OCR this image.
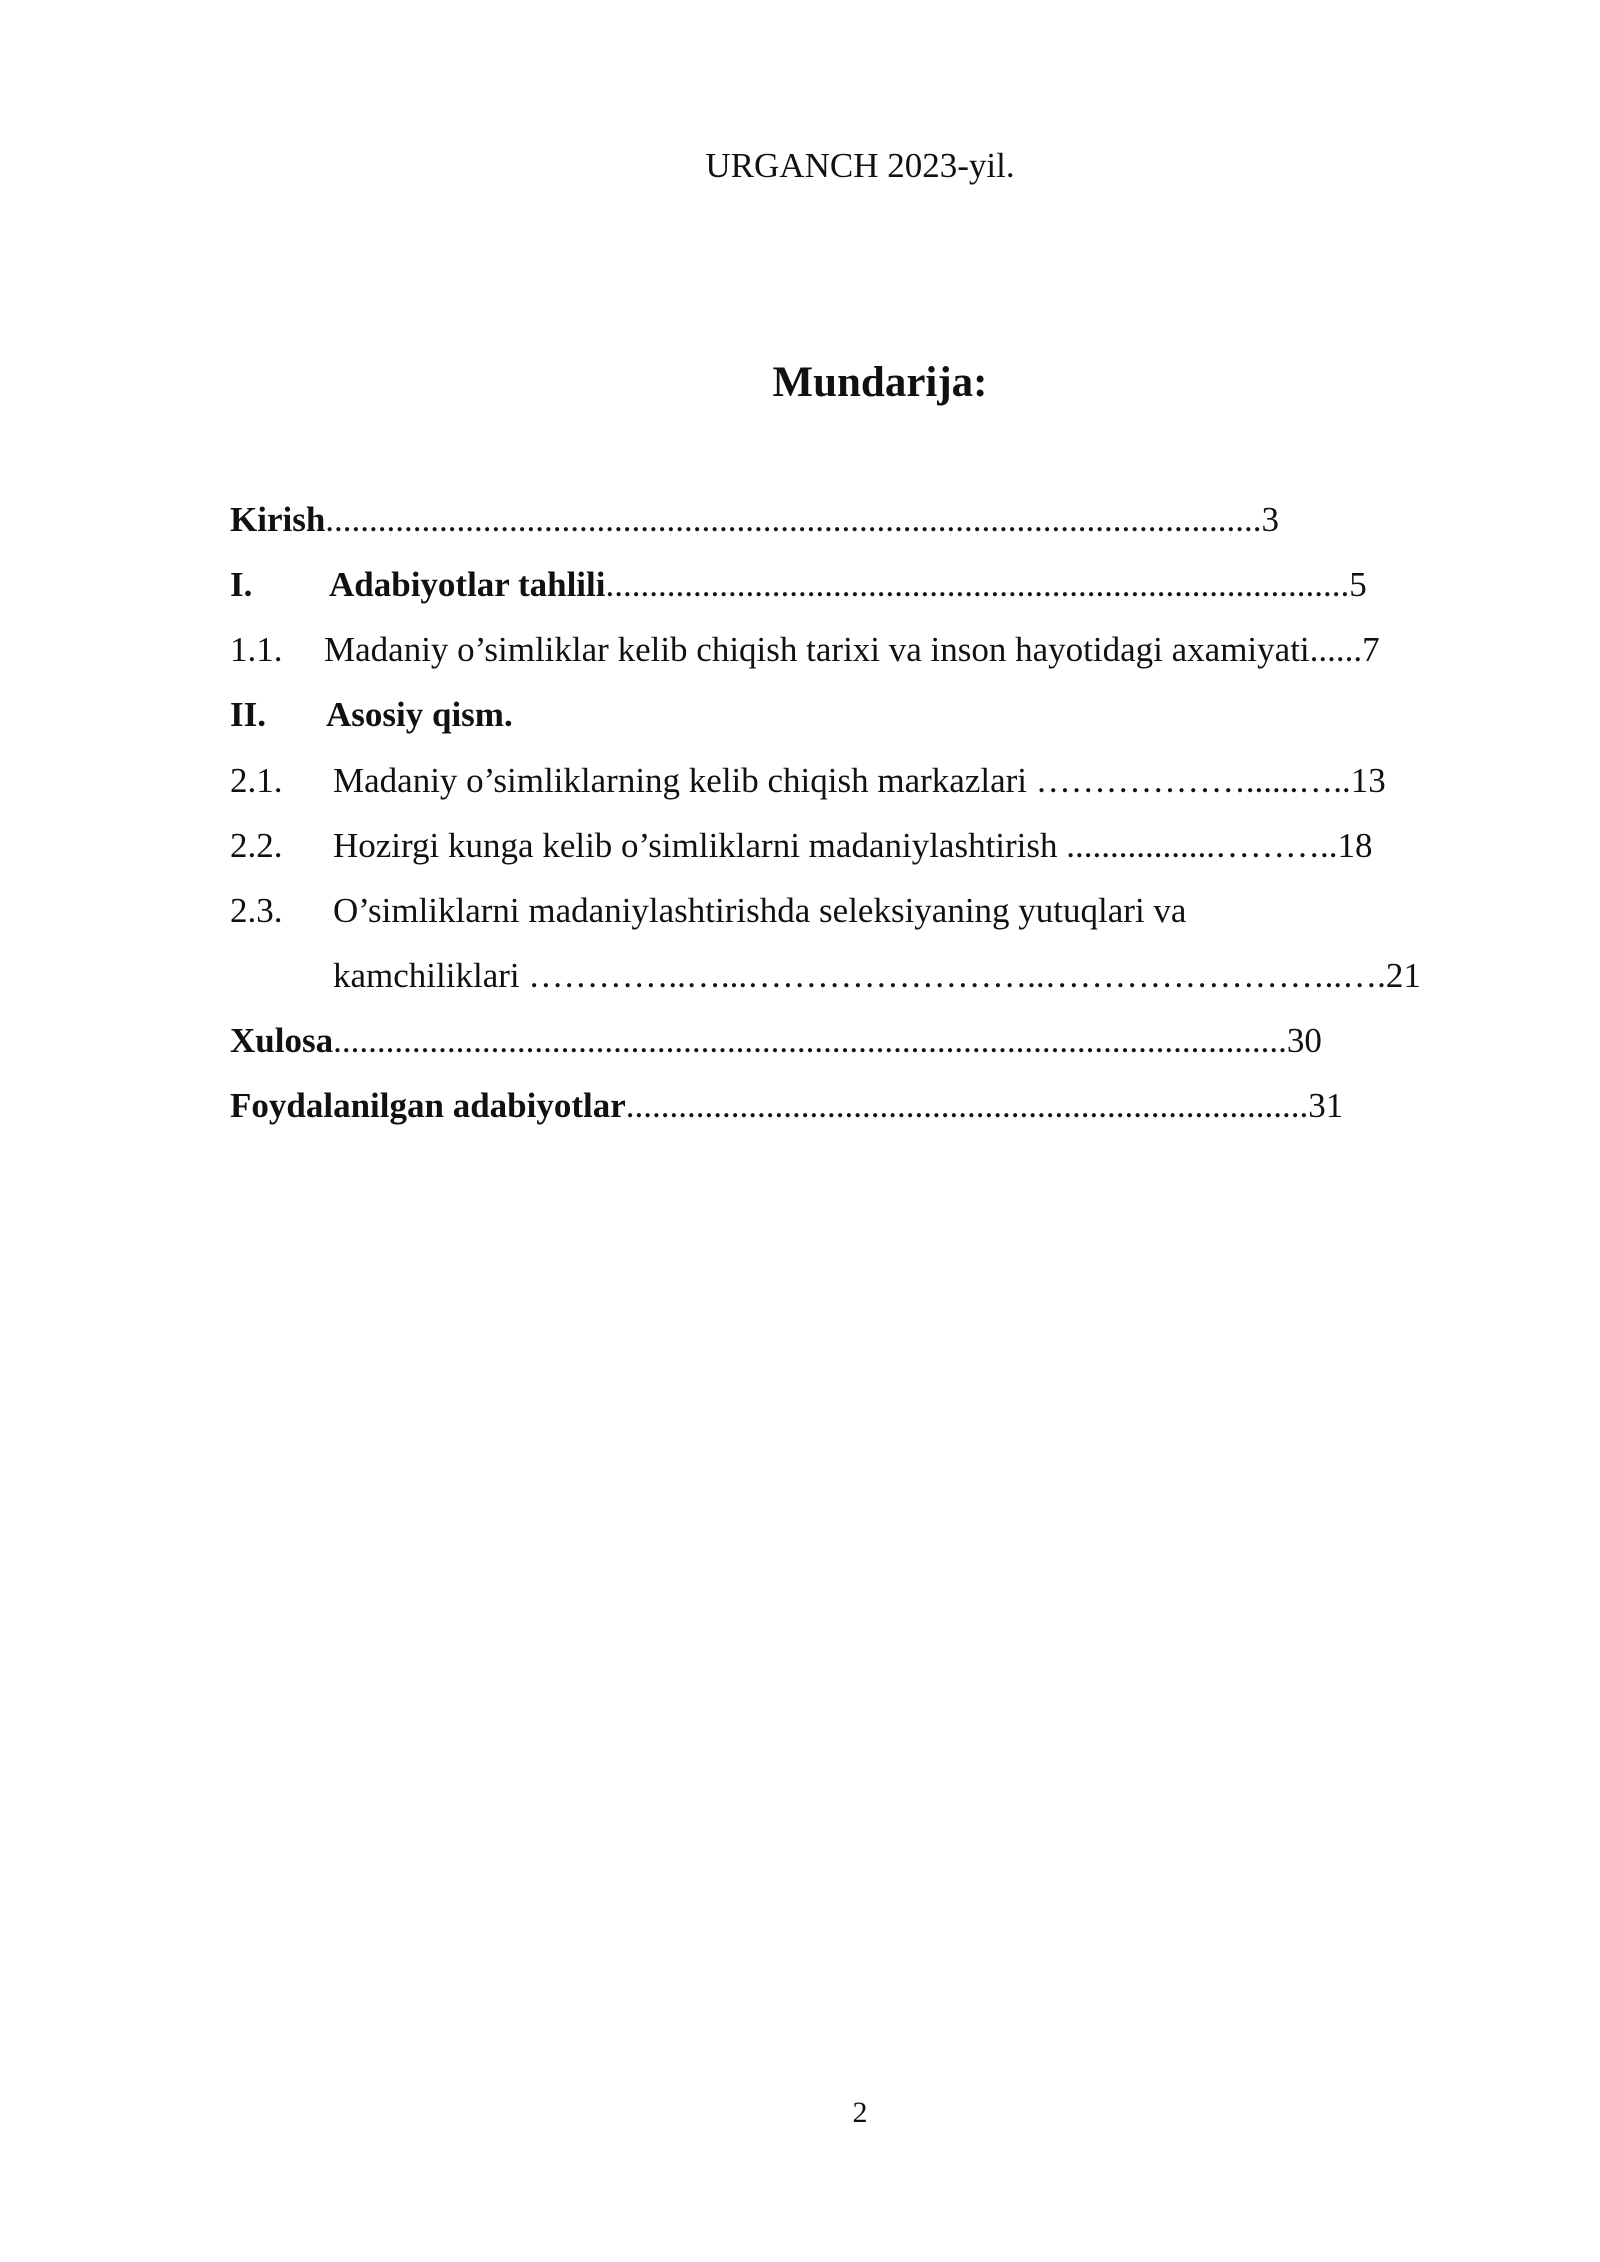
URGANCH 2023-yil.
Mundarija:
Kirish...........................................................................................................3
I. Adabiyotlar tahlili.....................................................................................5
1.1. Madaniy o’simliklar kelib chiqish tarixi va inson hayotidagi axamiyati......7
II. Asosiy qism.
2.1. Madaniy o’simliklarning kelib chiqish markazlari ………………......…..13
2.2. Hozirgi kunga kelib o’simliklarni madaniylashtirish .................………..18
2.3. O’simliklarni madaniylashtirishda seleksiyaning yutuqlari va
kamchiliklari …………..…...……………………..……………………..….21
Xulosa.............................................................................................................30
Foydalanilgan adabiyotlar..............................................................................31
2
